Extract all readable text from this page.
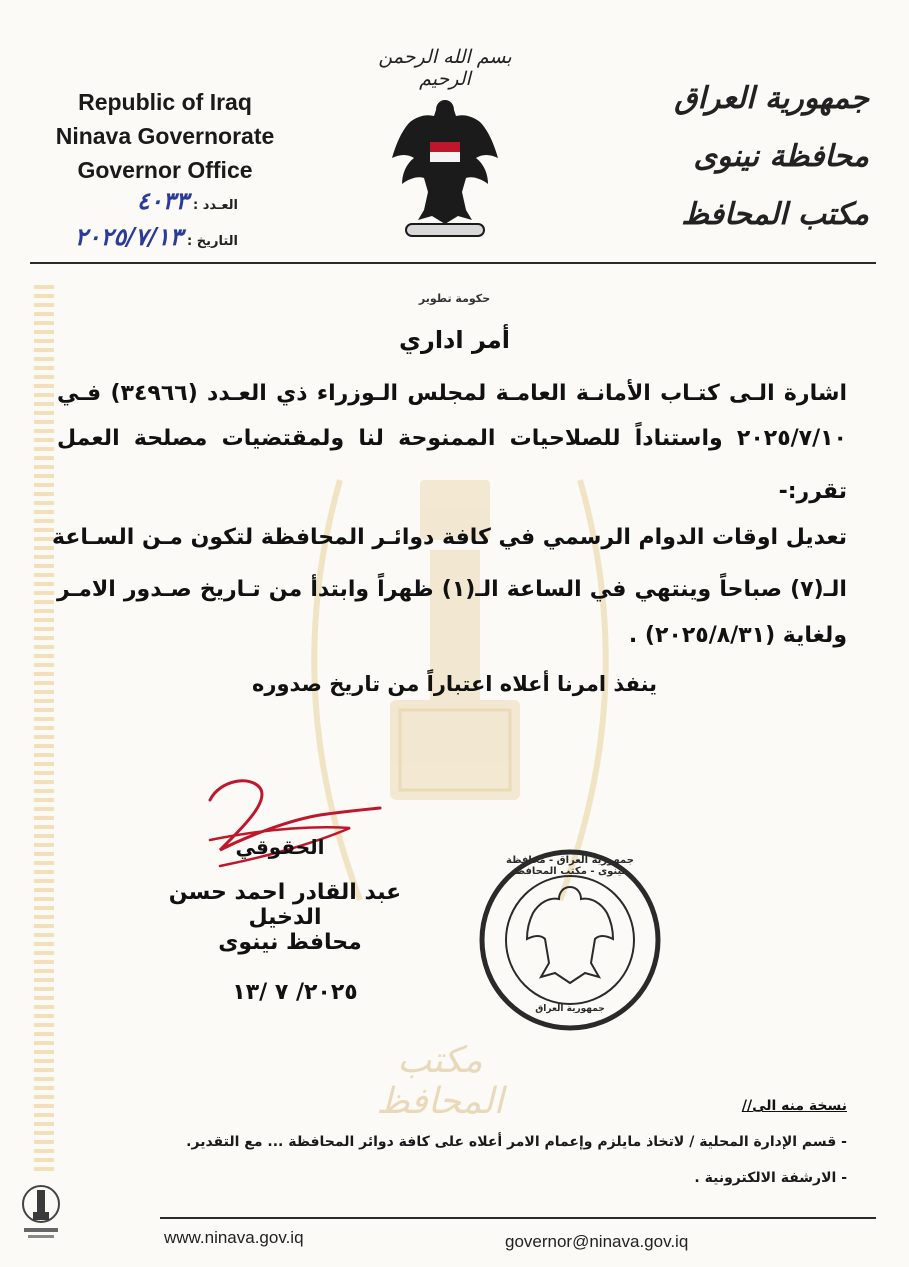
مكتب المحافظ
Republic of Iraq
Ninava Governorate
Governor Office
العـدد : ٤٠٣٣
التاريخ : ٢٠٢٥/٧/١٣
بسم الله الرحمن الرحيم
جمهورية العراق
محافظة نينوى
مكتب المحافظ
حكومة تطوير
أمر اداري
اشارة الـى كتـاب الأمانـة العامـة لمجلس الـوزراء ذي العـدد (٣٤٩٦٦) فـي
٢٠٢٥/٧/١٠ واستناداً للصلاحيات الممنوحة لنا ولمقتضيات مصلحة العمل
تقرر:-
تعديل اوقات الدوام الرسمي في كافة دوائـر المحافظة لتكون مـن السـاعة
الـ(٧) صباحاً وينتهي في الساعة الـ(١) ظهراً وابتدأ من تـاريخ صـدور الامـر
ولغاية (٢٠٢٥/٨/٣١) .
ينفذ امرنا أعلاه اعتباراً من تاريخ صدوره
الحقوقي
عبد القادر احمد حسن الدخيل
محافظ نينوى
٢٠٢٥/ ٧ /١٣
جمهورية العراق - محافظة نينوى - مكتب المحافظ
جمهورية العراق
نسخة منه الى//
- قسم الإدارة المحلية / لاتخاذ مايلزم وإعمام الامر أعلاه على كافة دوائر المحافظة ... مع التقدير.
- الارشفة الالكترونية .
www.ninava.gov.iq	governor@ninava.gov.iq
